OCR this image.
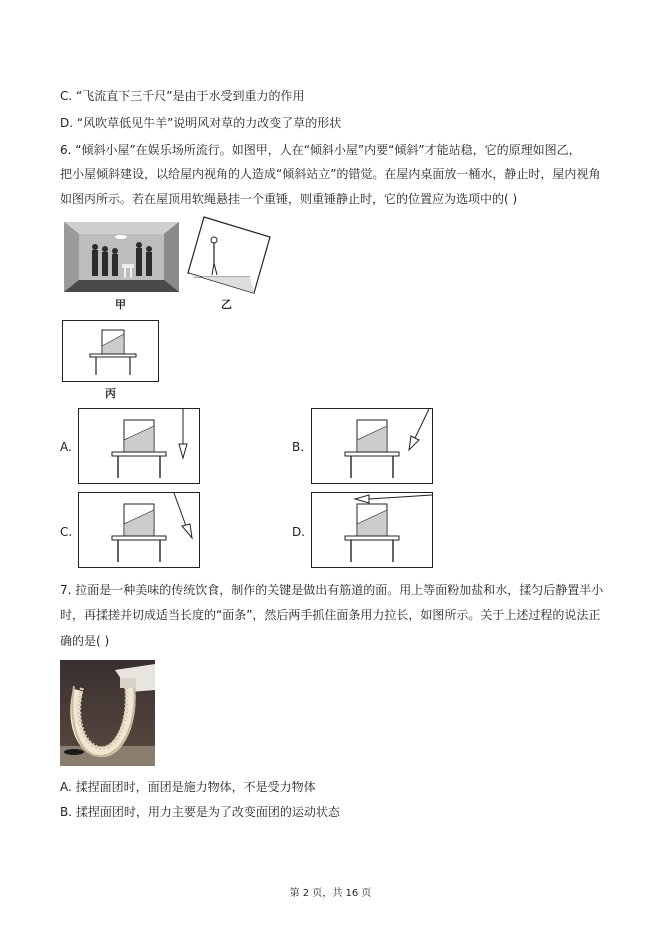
C. “飞流直下三千尺”是由于水受到重力的作用
D. “风吹草低见牛羊”说明风对草的力改变了草的形状
6. “倾斜小屋”在娱乐场所流行。如图甲，人在“倾斜小屋”内要“倾斜”才能站稳，它的原理如图乙，
把小屋倾斜建设，以给屋内视角的人造成“倾斜站立”的错觉。在屋内桌面放一桶水，静止时，屋内视角
如图丙所示。若在屋顶用软绳悬挂一个重锤，则重锤静止时，它的位置应为选项中的( )
甲	乙
丙
A.	B.
C.	D.
7. 拉面是一种美味的传统饮食，制作的关键是做出有筋道的面。用上等面粉加盐和水，揉匀后静置半小
时，再揉搓并切成适当长度的“面条”，然后两手抓住面条用力拉长，如图所示。关于上述过程的说法正
确的是( )
A. 揉捏面团时，面团是施力物体，不是受力物体
B. 揉捏面团时，用力主要是为了改变面团的运动状态
第 2 页，共 16 页
